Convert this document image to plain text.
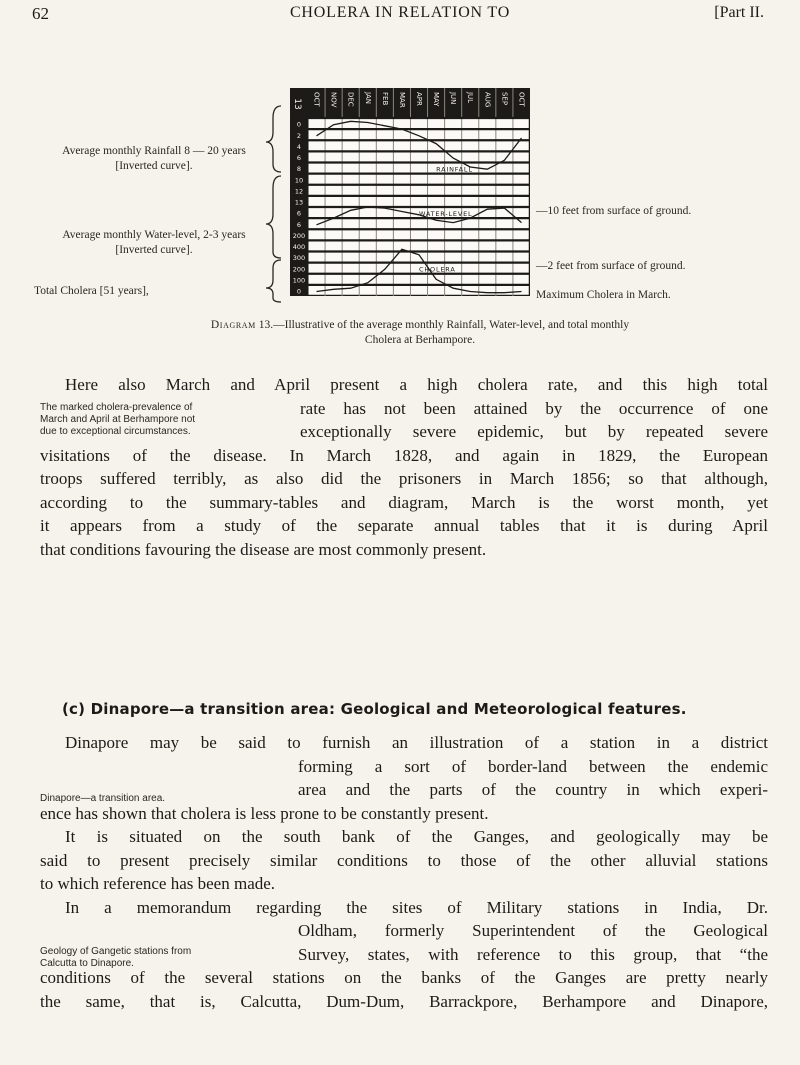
62	CHOLERA IN RELATION TO	[Part II.
Average monthly Rainfall 8 — 20 years
[Inverted curve].
Average monthly Water-level, 2-3 years
[Inverted curve].
Total Cholera [51 years],
13 OCT NOV DEC JAN FEB MAR APR MAY JUN JUL AUG SEP OCT
0
2
4
6
8
10
12
13
6
6
200
400
300
200
100
0
RAINFALL
WATER-LEVEL
CHOLERA
—10 feet from surface of ground.
—2 feet from surface of ground.
Maximum Cholera in March.
Diagram 13.—Illustrative of the average monthly Rainfall, Water-level, and total monthly
Cholera at Berhampore.
Here also March and April present a high cholera rate, and this high total
rate has not been attained by the occurrence of one
exceptionally severe epidemic, but by repeated severe
visitations of the disease. In March 1828, and again in 1829, the European
troops suffered terribly, as also did the prisoners in March 1856; so that although,
according to the summary-tables and diagram, March is the worst month, yet
it appears from a study of the separate annual tables that it is during April
that conditions favouring the disease are most commonly present.
The marked cholera-prevalence of
March and April at Berhampore not
due to exceptional circumstances.
(c) Dinapore—a transition area: Geological and Meteorological features.
Dinapore may be said to furnish an illustration of a station in a district
forming a sort of border-land between the endemic
area and the parts of the country in which experi-
ence has shown that cholera is less prone to be constantly present.
It is situated on the south bank of the Ganges, and geologically may be
said to present precisely similar conditions to those of the other alluvial stations
to which reference has been made.
In a memorandum regarding the sites of Military stations in India, Dr.
Oldham, formerly Superintendent of the Geological
Survey, states, with reference to this group, that “the
conditions of the several stations on the banks of the Ganges are pretty nearly
the same, that is, Calcutta, Dum-Dum, Barrackpore, Berhampore and Dinapore,
Dinapore—a transition area.
Geology of Gangetic stations from
Calcutta to Dinapore.
